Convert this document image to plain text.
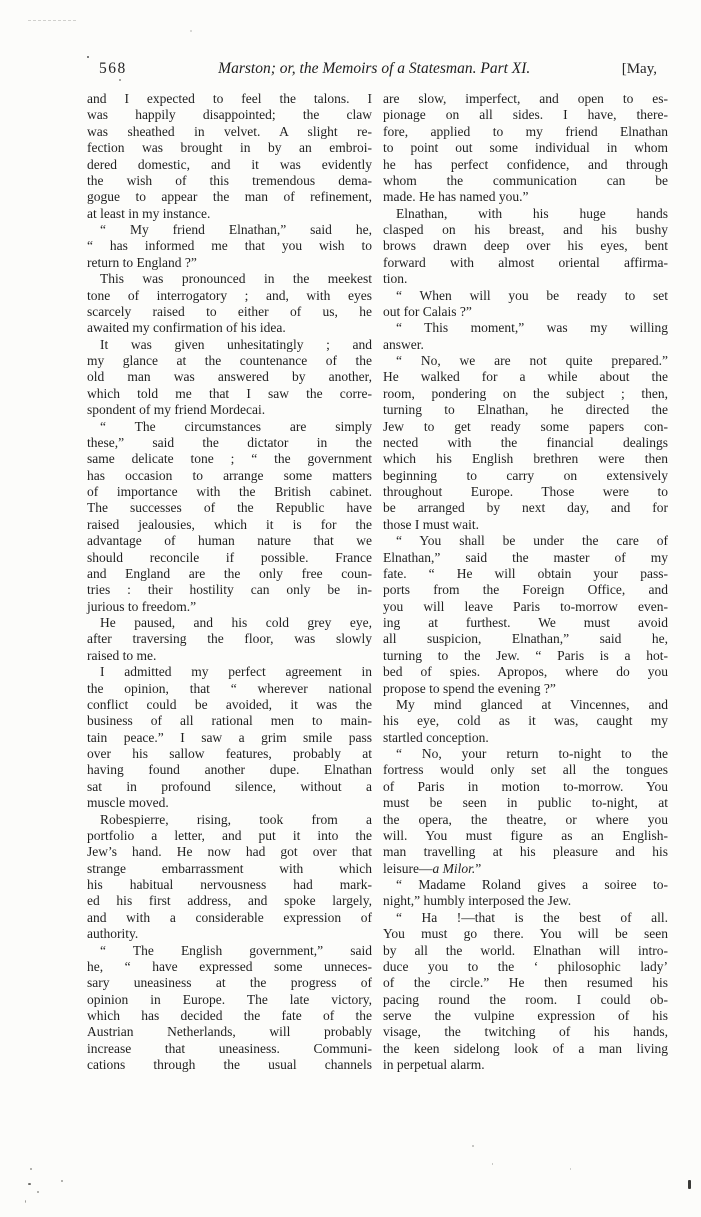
568	Marston; or, the Memoirs of a Statesman. Part XI.	[May,
and I expected to feel the talons. I
was happily disappointed; the claw
was sheathed in velvet. A slight re-
fection was brought in by an embroi-
dered domestic, and it was evidently
the wish of this tremendous dema-
gogue to appear the man of refinement,
at least in my instance.
“ My friend Elnathan,” said he,
“ has informed me that you wish to
return to England ?”
This was pronounced in the meekest
tone of interrogatory ; and, with eyes
scarcely raised to either of us, he
awaited my confirmation of his idea.
It was given unhesitatingly ; and
my glance at the countenance of the
old man was answered by another,
which told me that I saw the corre-
spondent of my friend Mordecai.
“ The circumstances are simply
these,” said the dictator in the
same delicate tone ; “ the government
has occasion to arrange some matters
of importance with the British cabinet.
The successes of the Republic have
raised jealousies, which it is for the
advantage of human nature that we
should reconcile if possible. France
and England are the only free coun-
tries : their hostility can only be in-
jurious to freedom.”
He paused, and his cold grey eye,
after traversing the floor, was slowly
raised to me.
I admitted my perfect agreement in
the opinion, that “ wherever national
conflict could be avoided, it was the
business of all rational men to main-
tain peace.” I saw a grim smile pass
over his sallow features, probably at
having found another dupe. Elnathan
sat in profound silence, without a
muscle moved.
Robespierre, rising, took from a
portfolio a letter, and put it into the
Jew’s hand. He now had got over that
strange embarrassment with which
his habitual nervousness had mark-
ed his first address, and spoke largely,
and with a considerable expression of
authority.
“ The English government,” said
he, “ have expressed some unneces-
sary uneasiness at the progress of
opinion in Europe. The late victory,
which has decided the fate of the
Austrian Netherlands, will probably
increase that uneasiness. Communi-
cations through the usual channels
are slow, imperfect, and open to es-
pionage on all sides. I have, there-
fore, applied to my friend Elnathan
to point out some individual in whom
he has perfect confidence, and through
whom the communication can be
made. He has named you.”
Elnathan, with his huge hands
clasped on his breast, and his bushy
brows drawn deep over his eyes, bent
forward with almost oriental affirma-
tion.
“ When will you be ready to set
out for Calais ?”
“ This moment,” was my willing
answer.
“ No, we are not quite prepared.”
He walked for a while about the
room, pondering on the subject ; then,
turning to Elnathan, he directed the
Jew to get ready some papers con-
nected with the financial dealings
which his English brethren were then
beginning to carry on extensively
throughout Europe. Those were to
be arranged by next day, and for
those I must wait.
“ You shall be under the care of
Elnathan,” said the master of my
fate. “ He will obtain your pass-
ports from the Foreign Office, and
you will leave Paris to-morrow even-
ing at furthest. We must avoid
all suspicion, Elnathan,” said he,
turning to the Jew. “ Paris is a hot-
bed of spies. Apropos, where do you
propose to spend the evening ?”
My mind glanced at Vincennes, and
his eye, cold as it was, caught my
startled conception.
“ No, your return to-night to the
fortress would only set all the tongues
of Paris in motion to-morrow. You
must be seen in public to-night, at
the opera, the theatre, or where you
will. You must figure as an English-
man travelling at his pleasure and his
leisure—a Milor.”
“ Madame Roland gives a soiree to-
night,” humbly interposed the Jew.
“ Ha !—that is the best of all.
You must go there. You will be seen
by all the world. Elnathan will intro-
duce you to the ‘ philosophic lady’
of the circle.” He then resumed his
pacing round the room. I could ob-
serve the vulpine expression of his
visage, the twitching of his hands,
the keen sidelong look of a man living
in perpetual alarm.
